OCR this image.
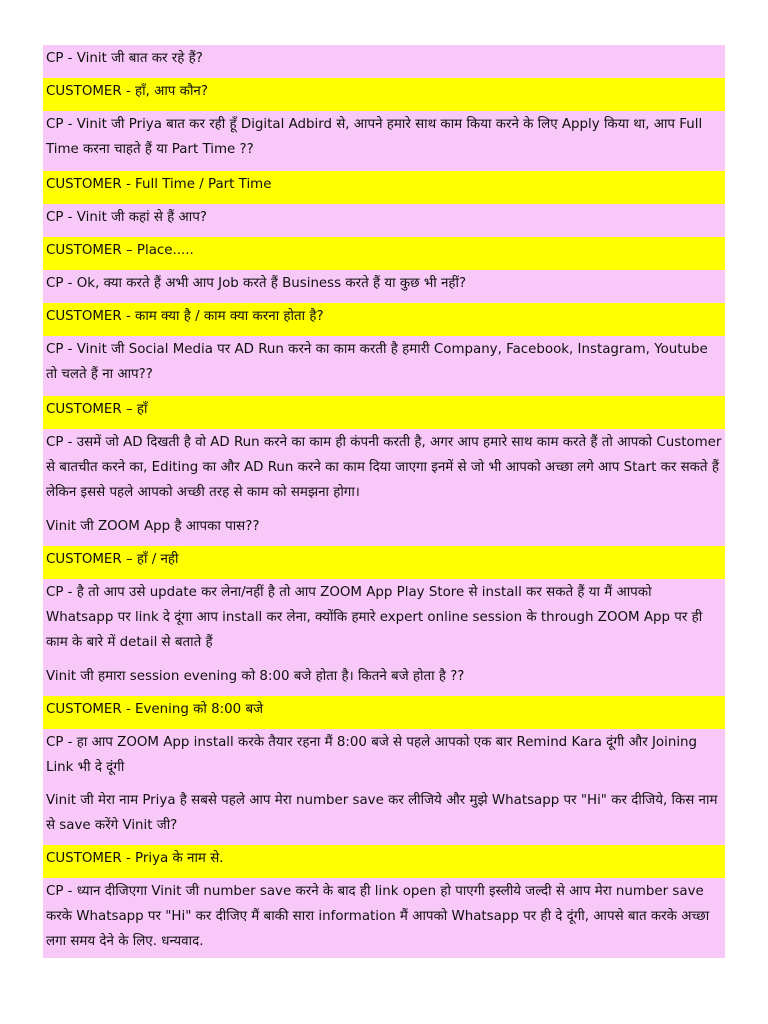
CP - Vinit जी बात कर रहे हैं?
CUSTOMER - हाँ, आप कौन?
CP - Vinit जी Priya बात कर रही हूँ Digital Adbird से, आपने हमारे साथ काम किया करने के लिए Apply किया था, आप Full Time करना चाहते हैं या Part Time ??
CUSTOMER - Full Time / Part Time
CP - Vinit जी कहां से हैं आप?
CUSTOMER – Place.....
CP - Ok, क्या करते हैं अभी आप Job करते हैं Business करते हैं या कुछ भी नहीं?
CUSTOMER - काम क्या है / काम क्या करना होता है?
CP - Vinit जी Social Media पर AD Run करने का काम करती है हमारी Company, Facebook, Instagram, Youtube तो चलते हैं ना आप??
CUSTOMER – हाँ
CP - उसमें जो AD दिखती है वो AD Run करने का काम ही कंपनी करती है, अगर आप हमारे साथ काम करते हैं तो आपको Customer से बातचीत करने का, Editing का और AD Run करने का काम दिया जाएगा इनमें से जो भी आपको अच्छा लगे आप Start कर सकते हैं लेकिन इससे पहले आपको अच्छी तरह से काम को समझना होगा।
Vinit जी ZOOM App है आपका पास??
CUSTOMER – हाँ / नही
CP - है तो आप उसे update कर लेना/नहीं है तो आप ZOOM App Play Store से install कर सकते हैं या मैं आपको Whatsapp पर link दे दूंगा आप install कर लेना, क्योंकि हमारे expert online session के through ZOOM App पर ही काम के बारे में detail से बताते हैं
Vinit जी हमारा session evening को 8:00 बजे होता है। कितने बजे होता है ??
CUSTOMER - Evening को 8:00 बजे
CP - हा आप ZOOM App install करके तैयार रहना मैं 8:00 बजे से पहले आपको एक बार Remind Kara दूंगी और Joining Link भी दे दूंगी
Vinit जी मेरा नाम Priya है सबसे पहले आप मेरा number save कर लीजिये और मुझे Whatsapp पर "Hi" कर दीजिये, किस नाम से save करेंगे Vinit जी?
CUSTOMER - Priya के नाम से.
CP - ध्यान दीजिएगा Vinit जी number save करने के बाद ही link open हो पाएगी इस्लीये जल्दी से आप मेरा number save करके Whatsapp पर "Hi" कर दीजिए मैं बाकी सारा information मैं आपको Whatsapp पर ही दे दूंगी, आपसे बात करके अच्छा लगा समय देने के लिए. धन्यवाद.
